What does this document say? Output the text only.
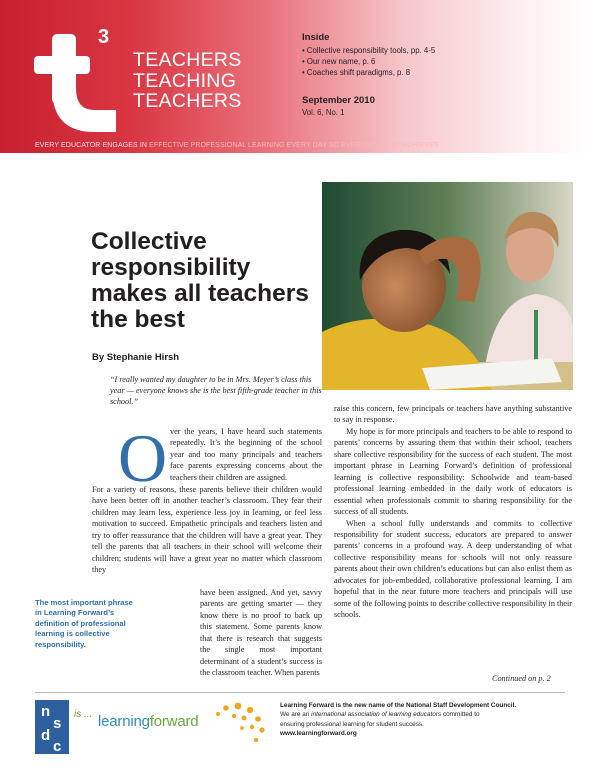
t
3
TEACHERS
TEACHING
TEACHERS
Inside
• Collective responsibility tools, pp. 4-5
• Our new name, p. 6
• Coaches shift paradigms, p. 8
September 2010
Vol. 6, No. 1
EVERY EDUCATOR ENGAGES IN EFFECTIVE PROFESSIONAL LEARNING EVERY DAY SO EVERY STUDENT ACHIEVES
Collective responsibility makes all teachers the best
By Stephanie Hirsh

“I really wanted my daughter to be in Mrs. Meyer’s class this year — everyone knows she is the best fifth-grade teacher in this school.”

O ver the years, I have heard such statements repeatedly. It’s the beginning of the school year and too many principals and teachers face parents expressing concerns about the teachers their children are assigned.

For a variety of reasons, these parents believe their children would have been better off in another teacher’s classroom. They fear their children may learn less, experience less joy in learning, or feel less motivation to succeed. Empathetic principals and teachers listen and try to offer reassurance that the children will have a great year. They tell the parents that all teachers in their school will welcome their children; students will have a great year no matter which classroom they

have been assigned. And yet, savvy parents are getting smarter — they know there is no proof to back up this statement. Some parents know that there is research that suggests the single most important determinant of a student’s success is the classroom teacher. When parents

The most important phrase in Learning Forward’s definition of professional learning is collective responsibility.

raise this concern, few principals or teachers have anything substantive to say in response.

My hope is for more principals and teachers to be able to respond to parents’ concerns by assuring them that within their school, teachers share collective responsibility for the success of each student. The most important phrase in Learning Forward’s definition of professional learning is collective responsibility: Schoolwide and team-based professional learning embedded in the daily work of educators is essential when professionals commit to sharing responsibility for the success of all students.

When a school fully understands and commits to collective responsibility for student success, educators are prepared to answer parents’ concerns in a profound way. A deep understanding of what collective responsibility means for schools will not only reassure parents about their own children’s educations but can also enlist them as advocates for job-embedded, collaborative professional learning. I am hopeful that in the near future more teachers and principals will use some of the following points to describe collective responsibility in their schools.

Continued on p. 2
n
s
d
c
is ... learningforward
Learning Forward is the new name of the National Staff Development Council.
We are an international association of learning educators committed to
ensuring professional learning for student success.
www.learningforward.org
